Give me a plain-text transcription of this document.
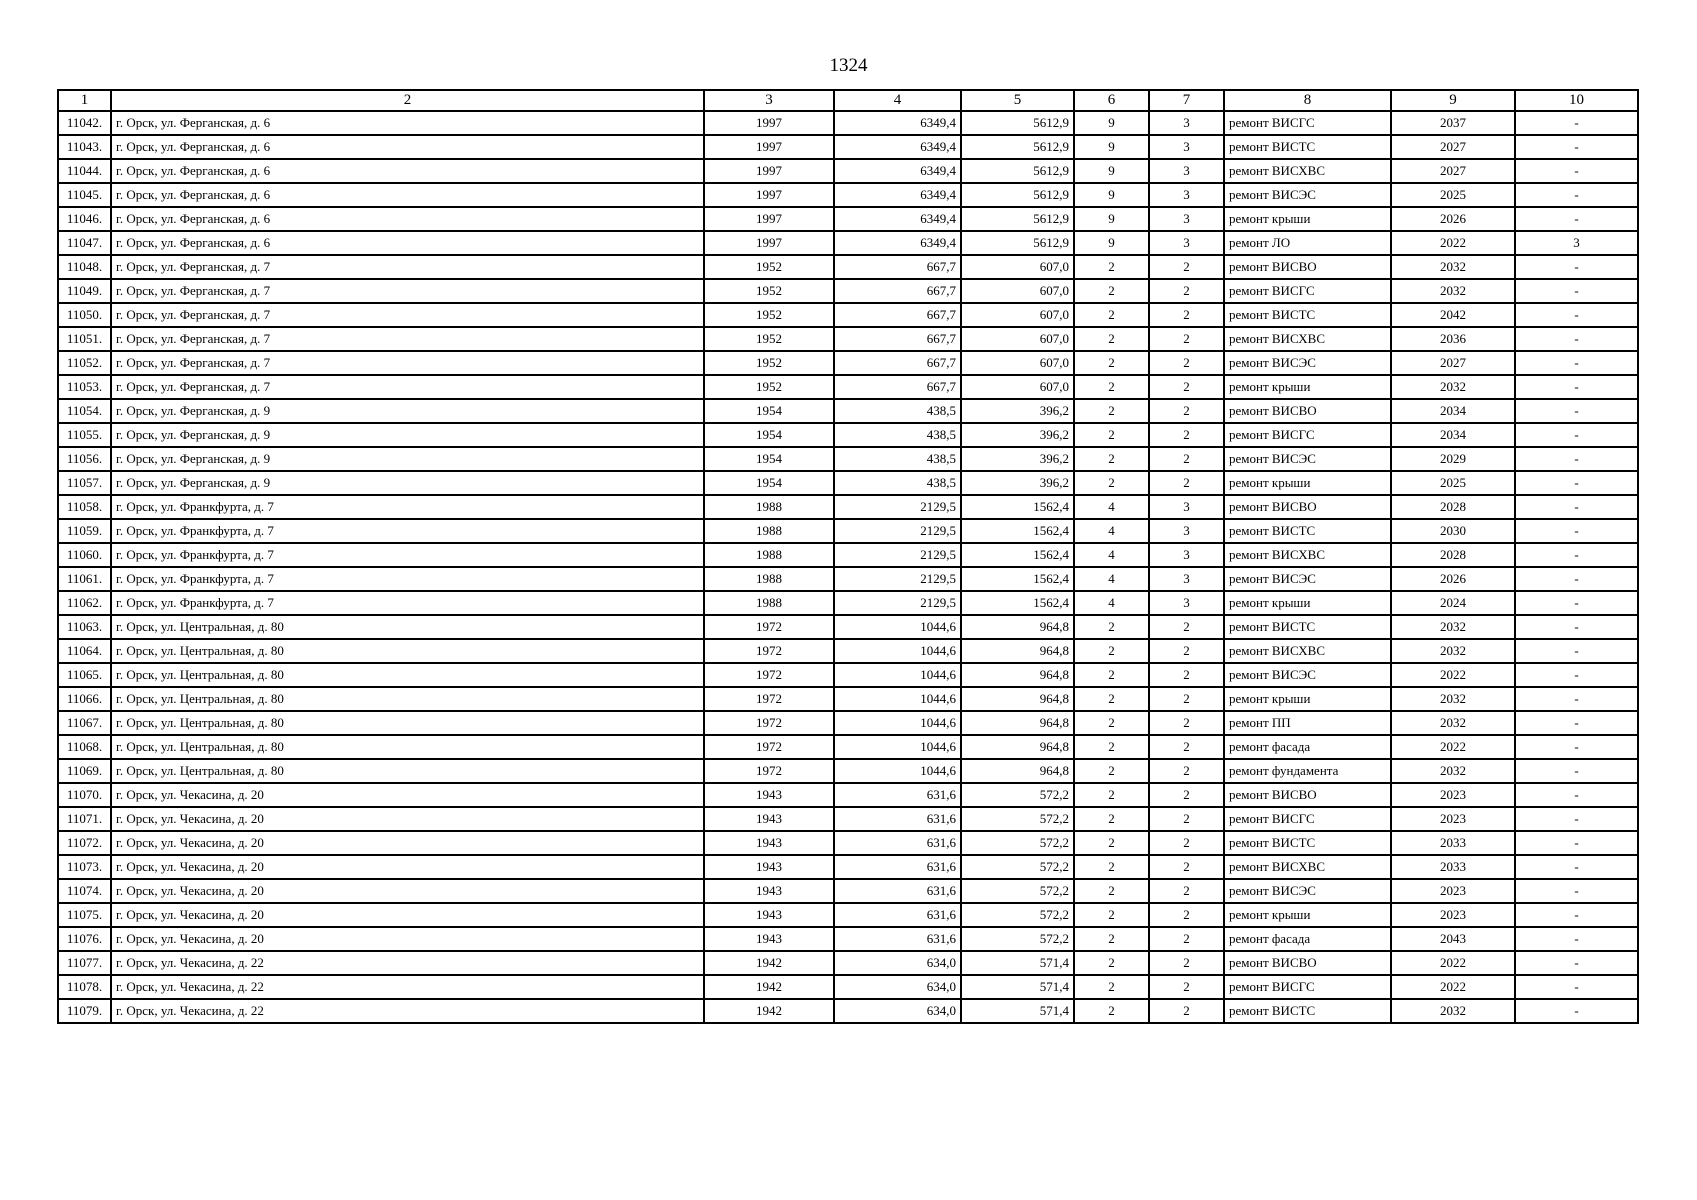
1324
1	2	3	4	5	6	7	8	9	10
11042.	г. Орск, ул. Ферганская, д. 6	1997	6349,4	5612,9	9	3	ремонт ВИСГС	2037	-
11043.	г. Орск, ул. Ферганская, д. 6	1997	6349,4	5612,9	9	3	ремонт ВИСТС	2027	-
11044.	г. Орск, ул. Ферганская, д. 6	1997	6349,4	5612,9	9	3	ремонт ВИСХВС	2027	-
11045.	г. Орск, ул. Ферганская, д. 6	1997	6349,4	5612,9	9	3	ремонт ВИСЭС	2025	-
11046.	г. Орск, ул. Ферганская, д. 6	1997	6349,4	5612,9	9	3	ремонт крыши	2026	-
11047.	г. Орск, ул. Ферганская, д. 6	1997	6349,4	5612,9	9	3	ремонт ЛО	2022	3
11048.	г. Орск, ул. Ферганская, д. 7	1952	667,7	607,0	2	2	ремонт ВИСВО	2032	-
11049.	г. Орск, ул. Ферганская, д. 7	1952	667,7	607,0	2	2	ремонт ВИСГС	2032	-
11050.	г. Орск, ул. Ферганская, д. 7	1952	667,7	607,0	2	2	ремонт ВИСТС	2042	-
11051.	г. Орск, ул. Ферганская, д. 7	1952	667,7	607,0	2	2	ремонт ВИСХВС	2036	-
11052.	г. Орск, ул. Ферганская, д. 7	1952	667,7	607,0	2	2	ремонт ВИСЭС	2027	-
11053.	г. Орск, ул. Ферганская, д. 7	1952	667,7	607,0	2	2	ремонт крыши	2032	-
11054.	г. Орск, ул. Ферганская, д. 9	1954	438,5	396,2	2	2	ремонт ВИСВО	2034	-
11055.	г. Орск, ул. Ферганская, д. 9	1954	438,5	396,2	2	2	ремонт ВИСГС	2034	-
11056.	г. Орск, ул. Ферганская, д. 9	1954	438,5	396,2	2	2	ремонт ВИСЭС	2029	-
11057.	г. Орск, ул. Ферганская, д. 9	1954	438,5	396,2	2	2	ремонт крыши	2025	-
11058.	г. Орск, ул. Франкфурта, д. 7	1988	2129,5	1562,4	4	3	ремонт ВИСВО	2028	-
11059.	г. Орск, ул. Франкфурта, д. 7	1988	2129,5	1562,4	4	3	ремонт ВИСТС	2030	-
11060.	г. Орск, ул. Франкфурта, д. 7	1988	2129,5	1562,4	4	3	ремонт ВИСХВС	2028	-
11061.	г. Орск, ул. Франкфурта, д. 7	1988	2129,5	1562,4	4	3	ремонт ВИСЭС	2026	-
11062.	г. Орск, ул. Франкфурта, д. 7	1988	2129,5	1562,4	4	3	ремонт крыши	2024	-
11063.	г. Орск, ул. Центральная, д. 80	1972	1044,6	964,8	2	2	ремонт ВИСТС	2032	-
11064.	г. Орск, ул. Центральная, д. 80	1972	1044,6	964,8	2	2	ремонт ВИСХВС	2032	-
11065.	г. Орск, ул. Центральная, д. 80	1972	1044,6	964,8	2	2	ремонт ВИСЭС	2022	-
11066.	г. Орск, ул. Центральная, д. 80	1972	1044,6	964,8	2	2	ремонт крыши	2032	-
11067.	г. Орск, ул. Центральная, д. 80	1972	1044,6	964,8	2	2	ремонт ПП	2032	-
11068.	г. Орск, ул. Центральная, д. 80	1972	1044,6	964,8	2	2	ремонт фасада	2022	-
11069.	г. Орск, ул. Центральная, д. 80	1972	1044,6	964,8	2	2	ремонт фундамента	2032	-
11070.	г. Орск, ул. Чекасина, д. 20	1943	631,6	572,2	2	2	ремонт ВИСВО	2023	-
11071.	г. Орск, ул. Чекасина, д. 20	1943	631,6	572,2	2	2	ремонт ВИСГС	2023	-
11072.	г. Орск, ул. Чекасина, д. 20	1943	631,6	572,2	2	2	ремонт ВИСТС	2033	-
11073.	г. Орск, ул. Чекасина, д. 20	1943	631,6	572,2	2	2	ремонт ВИСХВС	2033	-
11074.	г. Орск, ул. Чекасина, д. 20	1943	631,6	572,2	2	2	ремонт ВИСЭС	2023	-
11075.	г. Орск, ул. Чекасина, д. 20	1943	631,6	572,2	2	2	ремонт крыши	2023	-
11076.	г. Орск, ул. Чекасина, д. 20	1943	631,6	572,2	2	2	ремонт фасада	2043	-
11077.	г. Орск, ул. Чекасина, д. 22	1942	634,0	571,4	2	2	ремонт ВИСВО	2022	-
11078.	г. Орск, ул. Чекасина, д. 22	1942	634,0	571,4	2	2	ремонт ВИСГС	2022	-
11079.	г. Орск, ул. Чекасина, д. 22	1942	634,0	571,4	2	2	ремонт ВИСТС	2032	-
